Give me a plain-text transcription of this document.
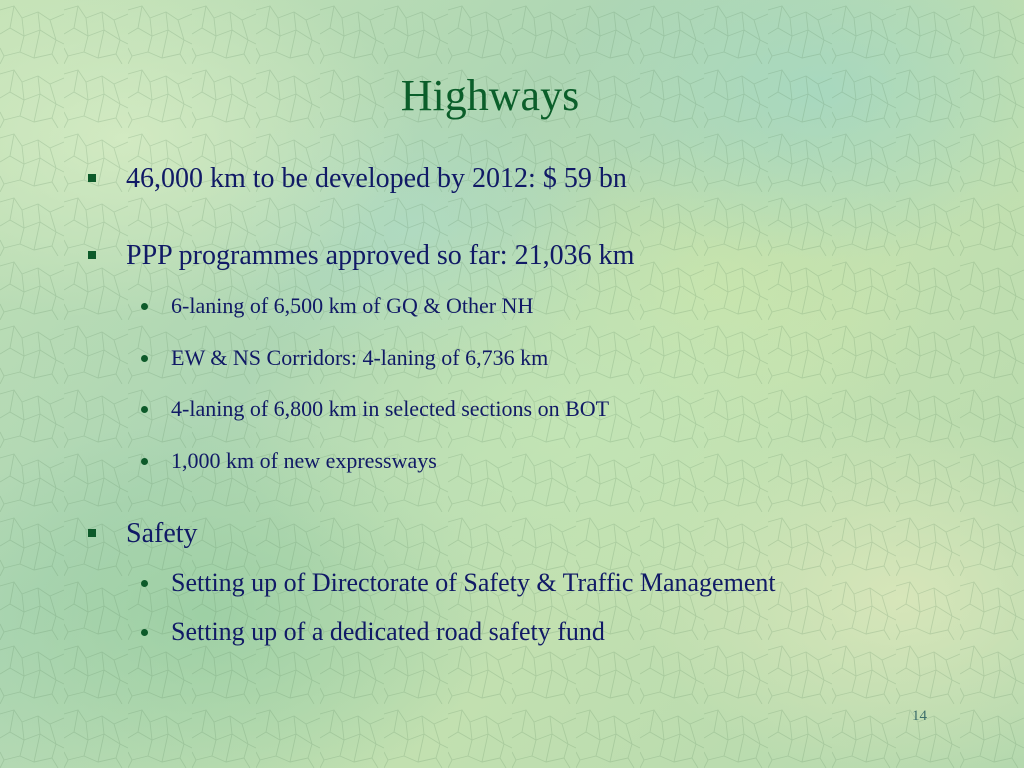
Highways
46,000 km to be developed by 2012: $ 59 bn
PPP programmes approved so far: 21,036 km
6-laning of 6,500 km of GQ & Other NH
EW & NS Corridors: 4-laning of 6,736 km
4-laning of 6,800 km in selected sections on BOT
1,000 km of new expressways
Safety
Setting up of Directorate of Safety & Traffic Management
Setting up of a dedicated road safety fund
14
